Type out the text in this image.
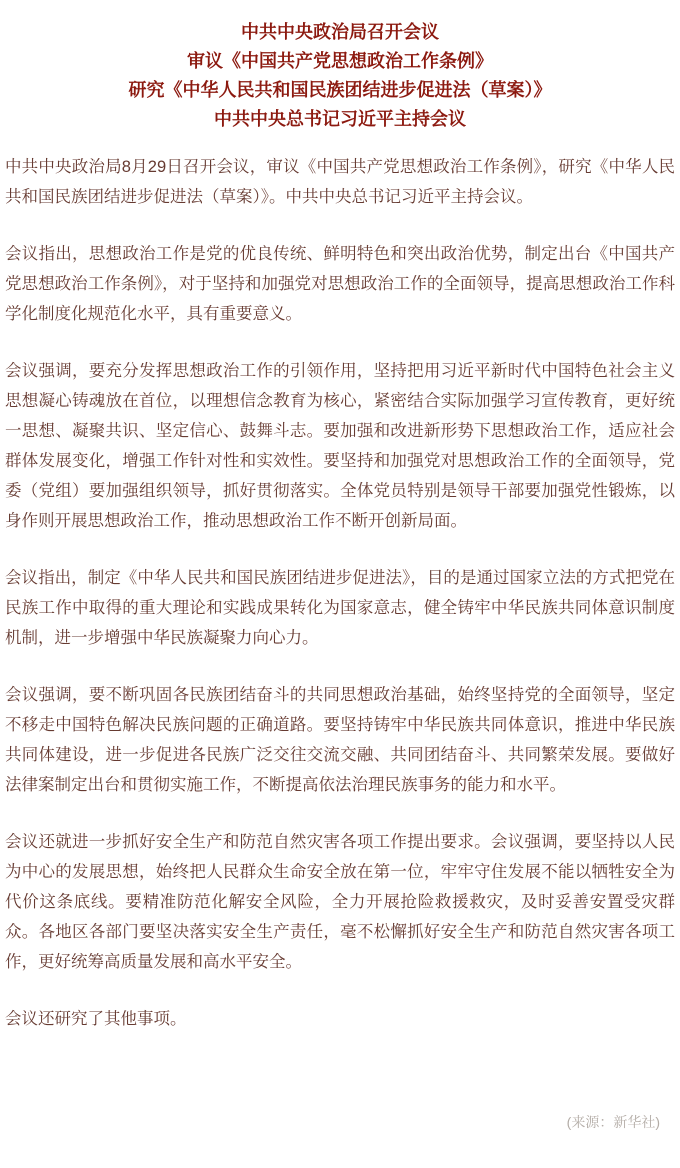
中共中央政治局召开会议
审议《中国共产党思想政治工作条例》
研究《中华人民共和国民族团结进步促进法（草案）》
中共中央总书记习近平主持会议

中共中央政治局8月29日召开会议，审议《中国共产党思想政治工作条例》，研究《中华人民共和国民族团结进步促进法（草案）》。中共中央总书记习近平主持会议。

会议指出，思想政治工作是党的优良传统、鲜明特色和突出政治优势，制定出台《中国共产党思想政治工作条例》，对于坚持和加强党对思想政治工作的全面领导，提高思想政治工作科学化制度化规范化水平，具有重要意义。

会议强调，要充分发挥思想政治工作的引领作用，坚持把用习近平新时代中国特色社会主义思想凝心铸魂放在首位，以理想信念教育为核心，紧密结合实际加强学习宣传教育，更好统一思想、凝聚共识、坚定信心、鼓舞斗志。要加强和改进新形势下思想政治工作，适应社会群体发展变化，增强工作针对性和实效性。要坚持和加强党对思想政治工作的全面领导，党委（党组）要加强组织领导，抓好贯彻落实。全体党员特别是领导干部要加强党性锻炼，以身作则开展思想政治工作，推动思想政治工作不断开创新局面。

会议指出，制定《中华人民共和国民族团结进步促进法》，目的是通过国家立法的方式把党在民族工作中取得的重大理论和实践成果转化为国家意志，健全铸牢中华民族共同体意识制度机制，进一步增强中华民族凝聚力向心力。

会议强调，要不断巩固各民族团结奋斗的共同思想政治基础，始终坚持党的全面领导，坚定不移走中国特色解决民族问题的正确道路。要坚持铸牢中华民族共同体意识，推进中华民族共同体建设，进一步促进各民族广泛交往交流交融、共同团结奋斗、共同繁荣发展。要做好法律案制定出台和贯彻实施工作，不断提高依法治理民族事务的能力和水平。

会议还就进一步抓好安全生产和防范自然灾害各项工作提出要求。会议强调，要坚持以人民为中心的发展思想，始终把人民群众生命安全放在第一位，牢牢守住发展不能以牺牲安全为代价这条底线。要精准防范化解安全风险，全力开展抢险救援救灾，及时妥善安置受灾群众。各地区各部门要坚决落实安全生产责任，毫不松懈抓好安全生产和防范自然灾害各项工作，更好统筹高质量发展和高水平安全。

会议还研究了其他事项。

(来源：新华社)
